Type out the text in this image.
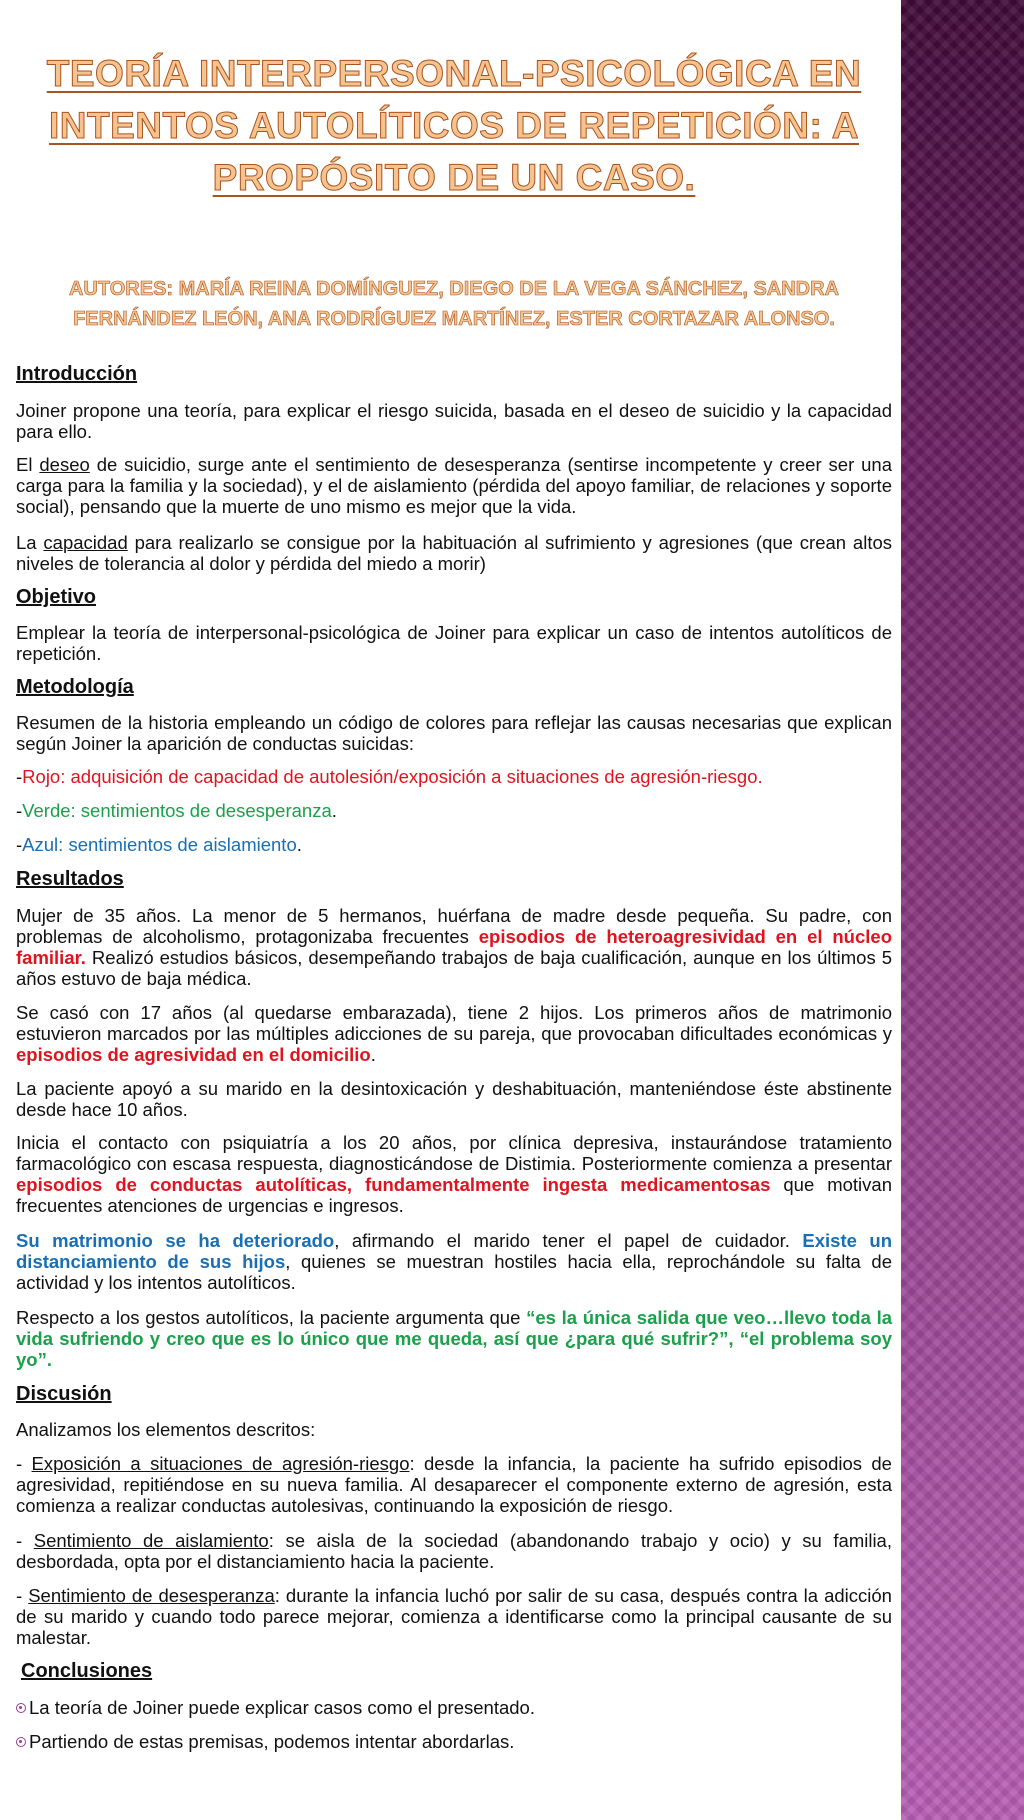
TEORÍA INTERPERSONAL-PSICOLÓGICA EN INTENTOS AUTOLÍTICOS DE REPETICIÓN: A PROPÓSITO DE UN CASO.
AUTORES: MARÍA REINA DOMÍNGUEZ, DIEGO DE LA VEGA SÁNCHEZ, SANDRA FERNÁNDEZ LEÓN, ANA RODRÍGUEZ MARTÍNEZ, ESTER CORTAZAR ALONSO.
Introducción

Joiner propone una teoría, para explicar el riesgo suicida, basada en el deseo de suicidio y la capacidad para ello.

El deseo de suicidio, surge ante el sentimiento de desesperanza (sentirse incompetente y creer ser una carga para la familia y la sociedad), y el de aislamiento (pérdida del apoyo familiar, de relaciones y soporte social), pensando que la muerte de uno mismo es mejor que la vida.

La capacidad para realizarlo se consigue por la habituación al sufrimiento y agresiones (que crean altos niveles de tolerancia al dolor y pérdida del miedo a morir)

Objetivo

Emplear la teoría de interpersonal-psicológica de Joiner para explicar un caso de intentos autolíticos de repetición.

Metodología

Resumen de la historia empleando un código de colores para reflejar las causas necesarias que explican según Joiner la aparición de conductas suicidas:

-Rojo: adquisición de capacidad de autolesión/exposición a situaciones de agresión-riesgo.

-Verde: sentimientos de desesperanza.

-Azul: sentimientos de aislamiento.

Resultados

Mujer de 35 años. La menor de 5 hermanos, huérfana de madre desde pequeña. Su padre, con problemas de alcoholismo, protagonizaba frecuentes episodios de heteroagresividad en el núcleo familiar. Realizó estudios básicos, desempeñando trabajos de baja cualificación, aunque en los últimos 5 años estuvo de baja médica.

Se casó con 17 años (al quedarse embarazada), tiene 2 hijos. Los primeros años de matrimonio estuvieron marcados por las múltiples adicciones de su pareja, que provocaban dificultades económicas y episodios de agresividad en el domicilio.

La paciente apoyó a su marido en la desintoxicación y deshabituación, manteniéndose éste abstinente desde hace 10 años.

Inicia el contacto con psiquiatría a los 20 años, por clínica depresiva, instaurándose tratamiento farmacológico con escasa respuesta, diagnosticándose de Distimia. Posteriormente comienza a presentar episodios de conductas autolíticas, fundamentalmente ingesta medicamentosas que motivan frecuentes atenciones de urgencias e ingresos.

Su matrimonio se ha deteriorado, afirmando el marido tener el papel de cuidador. Existe un distanciamiento de sus hijos, quienes se muestran hostiles hacia ella, reprochándole su falta de actividad y los intentos autolíticos.

Respecto a los gestos autolíticos, la paciente argumenta que “es la única salida que veo…llevo toda la vida sufriendo y creo que es lo único que me queda, así que ¿para qué sufrir?”, “el problema soy yo”.

Discusión

Analizamos los elementos descritos:

- Exposición a situaciones de agresión-riesgo: desde la infancia, la paciente ha sufrido episodios de agresividad, repitiéndose en su nueva familia. Al desaparecer el componente externo de agresión, esta comienza a realizar conductas autolesivas, continuando la exposición de riesgo.

- Sentimiento de aislamiento: se aisla de la sociedad (abandonando trabajo y ocio) y su familia, desbordada, opta por el distanciamiento hacia la paciente.

- Sentimiento de desesperanza: durante la infancia luchó por salir de su casa, después contra la adicción de su marido y cuando todo parece mejorar, comienza a identificarse como la principal causante de su malestar.

Conclusiones

La teoría de Joiner puede explicar casos como el presentado.

Partiendo de estas premisas, podemos intentar abordarlas.
